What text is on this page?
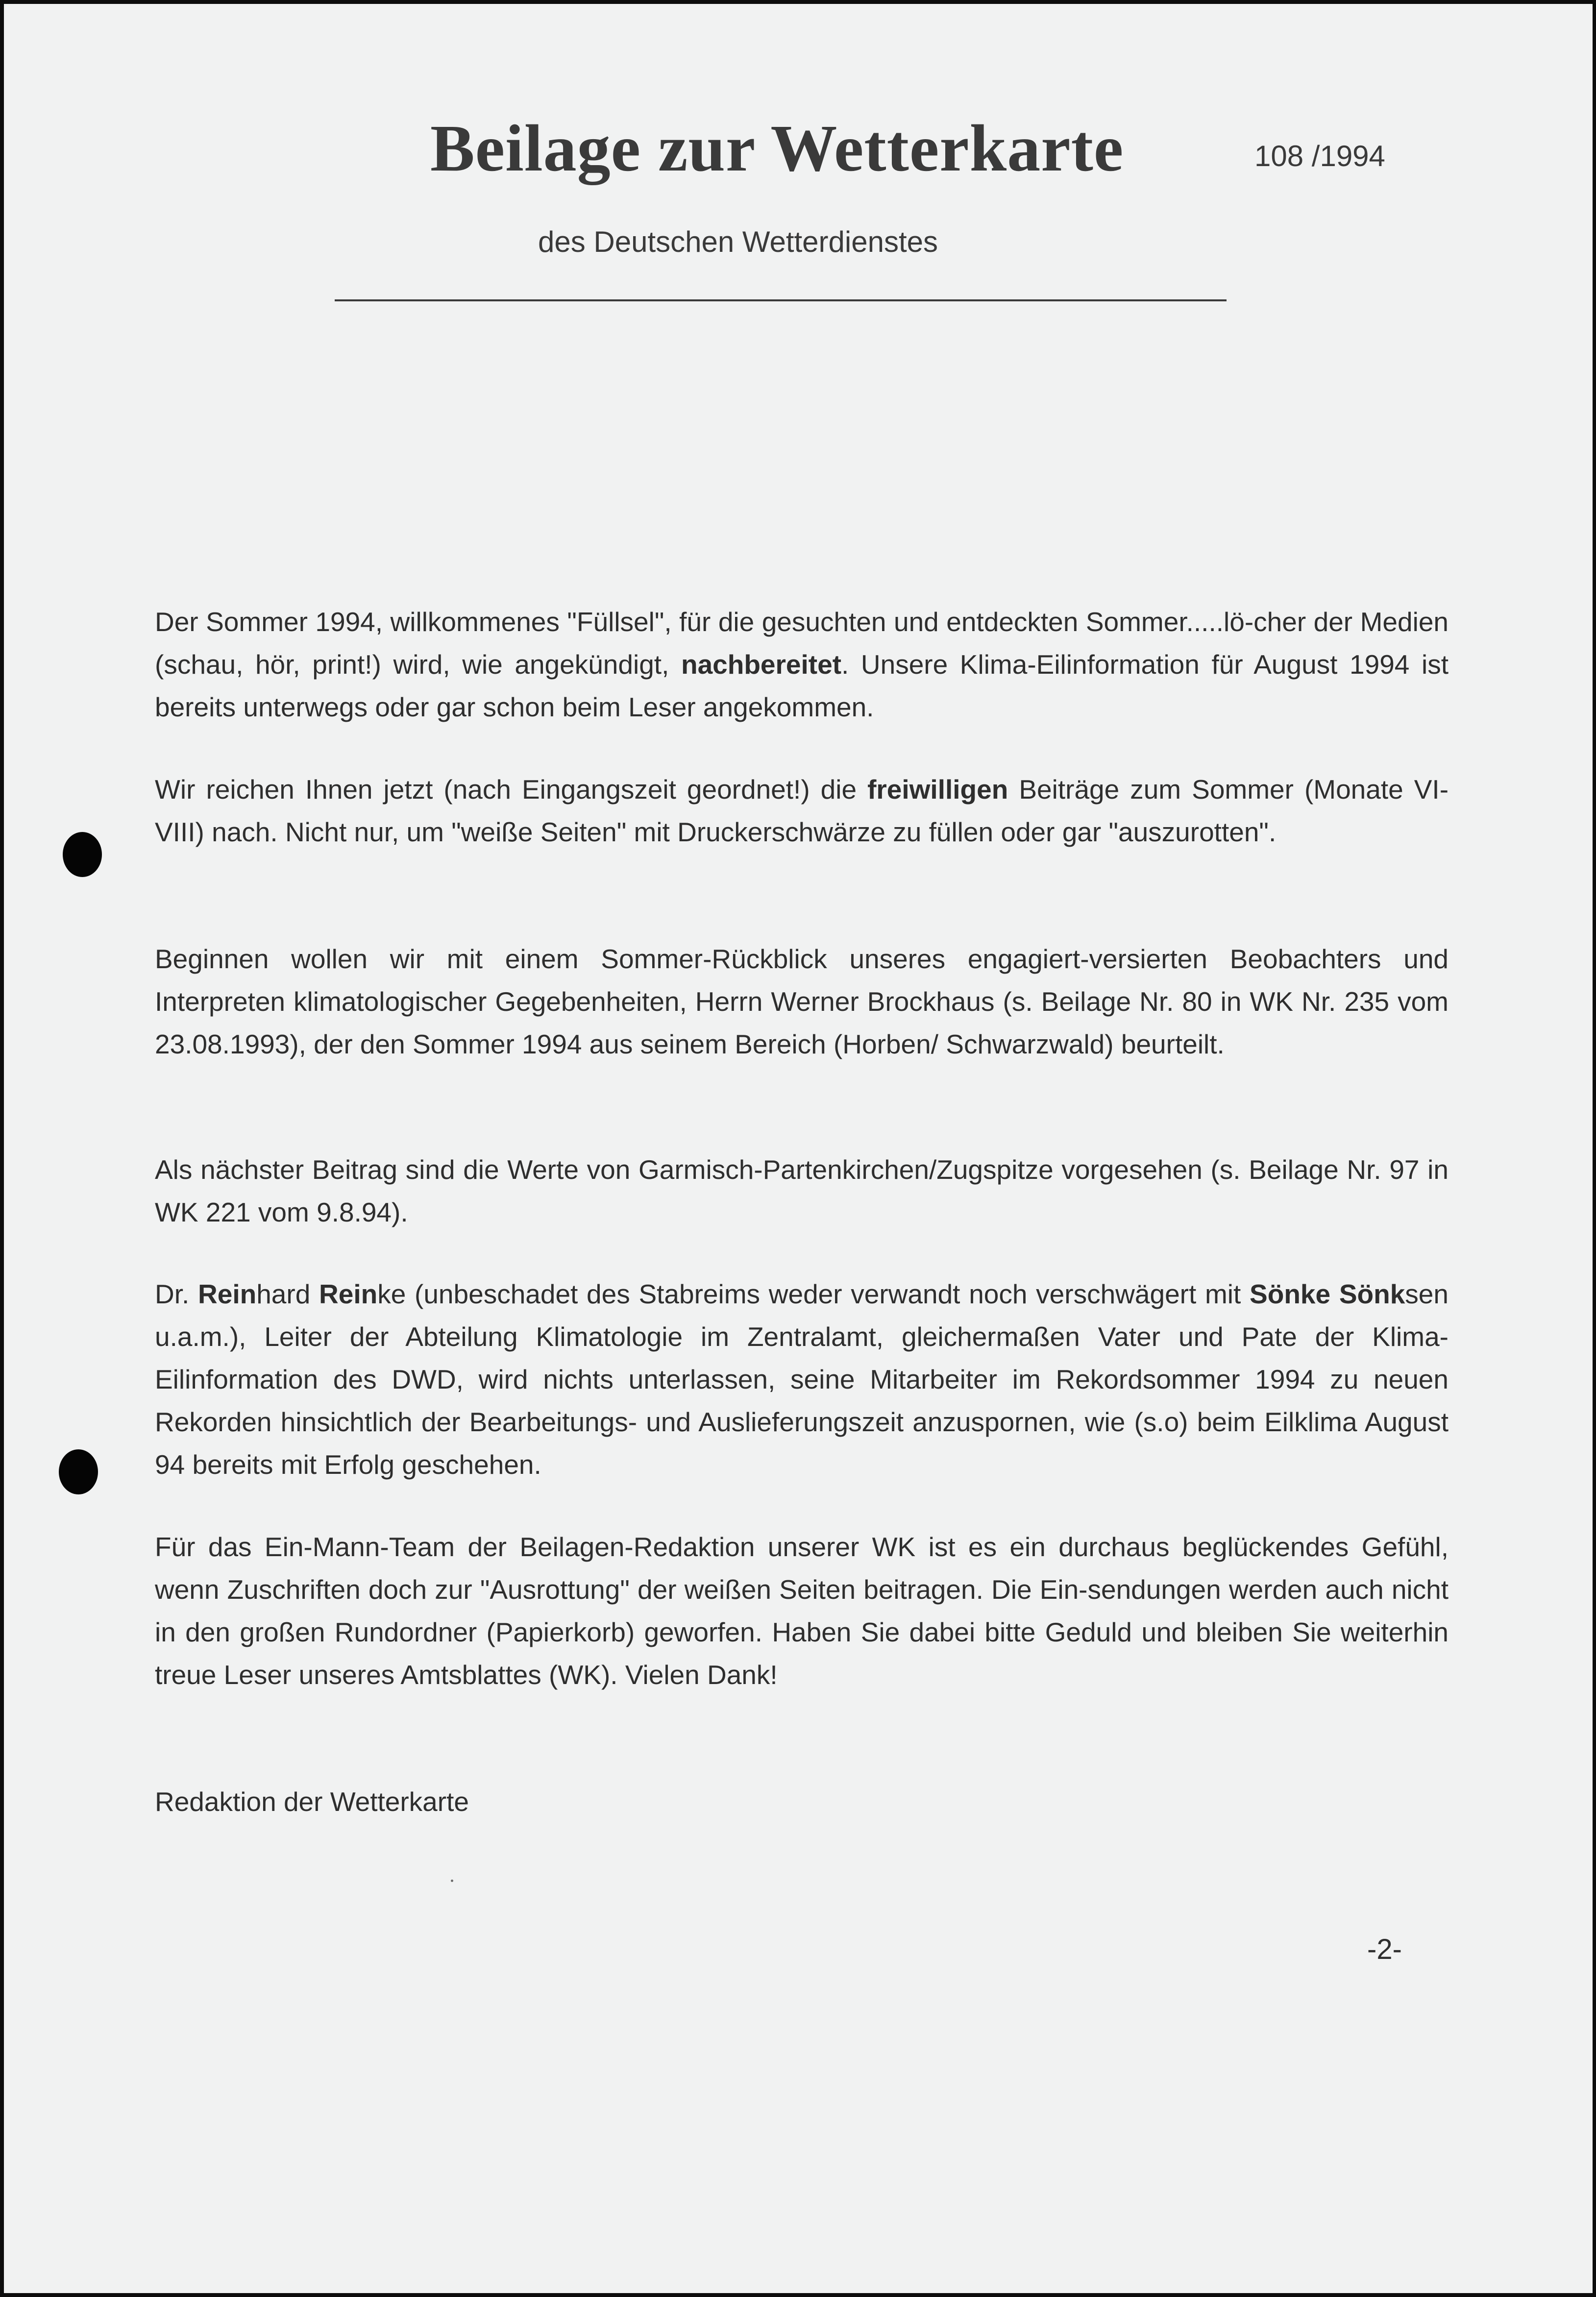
Beilage zur Wetterkarte	108 /1994
des Deutschen Wetterdienstes
Der Sommer 1994, willkommenes "Füllsel", für die gesuchten und entdeckten Sommer.....lö-cher der Medien (schau, hör, print!) wird, wie angekündigt, nachbereitet. Unsere Klima-Eilinformation für August 1994 ist bereits unterwegs oder gar schon beim Leser angekommen.
Wir reichen Ihnen jetzt (nach Eingangszeit geordnet!) die freiwilligen Beiträge zum Sommer (Monate VI-VIII) nach. Nicht nur, um "weiße Seiten" mit Druckerschwärze zu füllen oder gar "auszurotten".
Beginnen wollen wir mit einem Sommer-Rückblick unseres engagiert-versierten Beobachters und Interpreten klimatologischer Gegebenheiten, Herrn Werner Brockhaus (s. Beilage Nr. 80 in WK Nr. 235 vom 23.08.1993), der den Sommer 1994 aus seinem Bereich (Horben/ Schwarzwald) beurteilt.
Als nächster Beitrag sind die Werte von Garmisch-Partenkirchen/Zugspitze vorgesehen (s. Beilage Nr. 97 in WK 221 vom 9.8.94).
Dr. Reinhard Reinke (unbeschadet des Stabreims weder verwandt noch verschwägert mit Sönke Sönksen u.a.m.), Leiter der Abteilung Klimatologie im Zentralamt, gleichermaßen Vater und Pate der Klima-Eilinformation des DWD, wird nichts unterlassen, seine Mitarbeiter im Rekordsommer 1994 zu neuen Rekorden hinsichtlich der Bearbeitungs- und Auslieferungszeit anzuspornen, wie (s.o) beim Eilklima August 94 bereits mit Erfolg geschehen.
Für das Ein-Mann-Team der Beilagen-Redaktion unserer WK ist es ein durchaus beglückendes Gefühl, wenn Zuschriften doch zur "Ausrottung" der weißen Seiten beitragen. Die Ein-sendungen werden auch nicht in den großen Rundordner (Papierkorb) geworfen. Haben Sie dabei bitte Geduld und bleiben Sie weiterhin treue Leser unseres Amtsblattes (WK). Vielen Dank!
Redaktion der Wetterkarte
-2-
